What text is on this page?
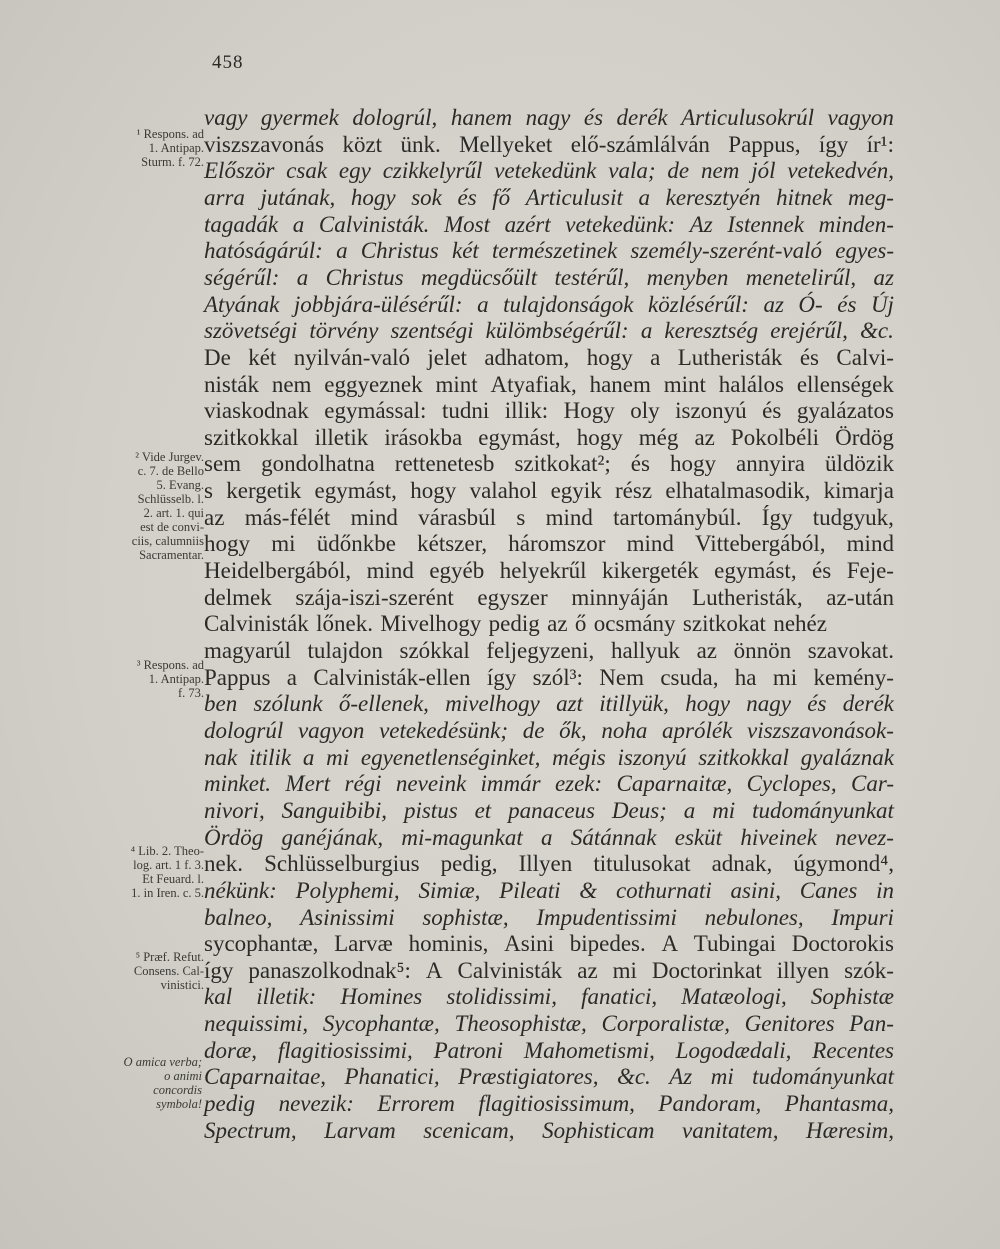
458
vagy gyermek dologrúl, hanem nagy és derék Articulusokrúl vagyon
viszszavonás közt ünk. Mellyeket elő-számlálván Pappus, így ír¹:
Először csak egy czikkelyrűl vetekedünk vala; de nem jól vetekedvén,
arra jutának, hogy sok és fő Articulusit a keresztyén hitnek meg-
tagadák a Calvinisták. Most azért vetekedünk: Az Istennek minden-
hatóságárúl: a Christus két természetinek személy-szerént-való egyes-
ségérűl: a Christus megdücsőült testérűl, menyben menetelirűl, az
Atyának jobbjára-ülésérűl: a tulajdonságok közlésérűl: az Ó- és Új
szövetségi törvény szentségi külömbségérűl: a keresztség erejérűl, &c.
De két nyilván-való jelet adhatom, hogy a Lutheristák és Calvi-
nisták nem eggyeznek mint Atyafiak, hanem mint halálos ellenségek
viaskodnak egymással: tudni illik: Hogy oly iszonyú és gyalázatos
szitkokkal illetik irásokba egymást, hogy még az Pokolbéli Ördög
sem gondolhatna rettenetesb szitkokat²; és hogy annyira üldözik
s kergetik egymást, hogy valahol egyik rész elhatalmasodik, kimarja
az más-félét mind várasbúl s mind tartománybúl. Így tudgyuk,
hogy mi üdőnkbe kétszer, háromszor mind Vittebergából, mind
Heidelbergából, mind egyéb helyekrűl kikergeték egymást, és Feje-
delmek szája-iszi-szerént egyszer minnyáján Lutheristák, az-után
Calvinisták lőnek. Mivelhogy pedig az ő ocsmány szitkokat nehéz
magyarúl tulajdon szókkal feljegyzeni, hallyuk az önnön szavokat.
Pappus a Calvinisták-ellen így szól³: Nem csuda, ha mi kemény-
ben szólunk ő-ellenek, mivelhogy azt itillyük, hogy nagy és derék
dologrúl vagyon vetekedésünk; de ők, noha aprólék viszszavonások-
nak itilik a mi egyenetlenséginket, mégis iszonyú szitkokkal gyaláznak
minket. Mert régi neveink immár ezek: Caparnaitæ, Cyclopes, Car-
nivori, Sanguibibi, pistus et panaceus Deus; a mi tudományunkat
Ördög ganéjának, mi-magunkat a Sátánnak esküt hiveinek nevez-
nek. Schlüsselburgius pedig, Illyen titulusokat adnak, úgymond⁴,
nékünk: Polyphemi, Simiæ, Pileati & cothurnati asini, Canes in
balneo, Asinissimi sophistæ, Impudentissimi nebulones, Impuri
sycophantæ, Larvæ hominis, Asini bipedes. A Tubingai Doctorokis
így panaszolkodnak⁵: A Calvinisták az mi Doctorinkat illyen szók-
kal illetik: Homines stolidissimi, fanatici, Matæologi, Sophistæ
nequissimi, Sycophantæ, Theosophistæ, Corporalistæ, Genitores Pan-
doræ, flagitiosissimi, Patroni Mahometismi, Logodædali, Recentes
Caparnaitae, Phanatici, Præstigiatores, &c. Az mi tudományunkat
pedig nevezik: Errorem flagitiosissimum, Pandoram, Phantasma,
Spectrum, Larvam scenicam, Sophisticam vanitatem, Hæresim,
¹ Respons. ad
1. Antipap.
Sturm. f. 72.
² Vide Jurgev.
c. 7. de Bello
5. Evang.
Schlüsselb. l.
2. art. 1. qui
est de convi-
ciis, calumniis
Sacramentar.
³ Respons. ad
1. Antipap.
f. 73.
⁴ Lib. 2. Theo-
log. art. 1 f. 3.
Et Feuard. l.
1. in Iren. c. 5.
⁵ Præf. Refut.
Consens. Cal-
vinistici.
O amica verba;
o animi
concordis
symbola!
